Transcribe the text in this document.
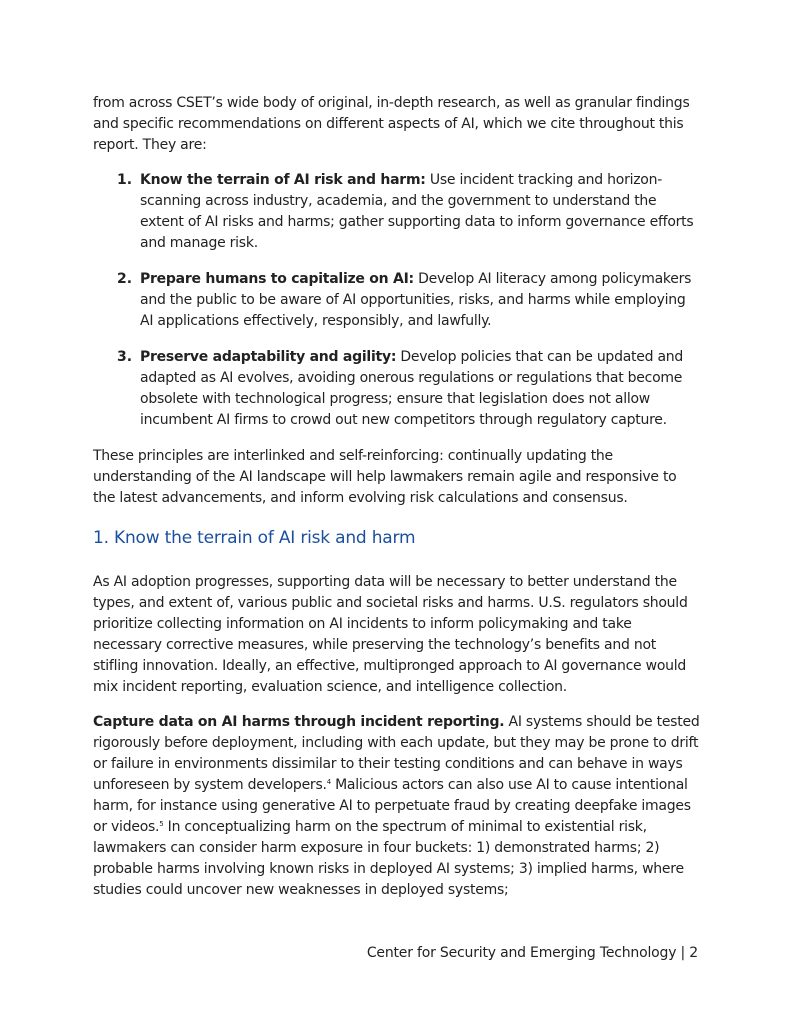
from across CSET’s wide body of original, in-depth research, as well as granular findings and specific recommendations on different aspects of AI, which we cite throughout this report. They are:

1. Know the terrain of AI risk and harm: Use incident tracking and horizon-scanning across industry, academia, and the government to understand the extent of AI risks and harms; gather supporting data to inform governance efforts and manage risk.

2. Prepare humans to capitalize on AI: Develop AI literacy among policymakers and the public to be aware of AI opportunities, risks, and harms while employing AI applications effectively, responsibly, and lawfully.

3. Preserve adaptability and agility: Develop policies that can be updated and adapted as AI evolves, avoiding onerous regulations or regulations that become obsolete with technological progress; ensure that legislation does not allow incumbent AI firms to crowd out new competitors through regulatory capture.

These principles are interlinked and self-reinforcing: continually updating the understanding of the AI landscape will help lawmakers remain agile and responsive to the latest advancements, and inform evolving risk calculations and consensus.

1. Know the terrain of AI risk and harm

As AI adoption progresses, supporting data will be necessary to better understand the types, and extent of, various public and societal risks and harms. U.S. regulators should prioritize collecting information on AI incidents to inform policymaking and take necessary corrective measures, while preserving the technology’s benefits and not stifling innovation. Ideally, an effective, multipronged approach to AI governance would mix incident reporting, evaluation science, and intelligence collection.

Capture data on AI harms through incident reporting. AI systems should be tested rigorously before deployment, including with each update, but they may be prone to drift or failure in environments dissimilar to their testing conditions and can behave in ways unforeseen by system developers.$^4$ Malicious actors can also use AI to cause intentional harm, for instance using generative AI to perpetuate fraud by creating deepfake images or videos.$^5$ In conceptualizing harm on the spectrum of minimal to existential risk, lawmakers can consider harm exposure in four buckets: 1) demonstrated harms; 2) probable harms involving known risks in deployed AI systems; 3) implied harms, where studies could uncover new weaknesses in deployed systems;

Center for Security and Emerging Technology | 2
